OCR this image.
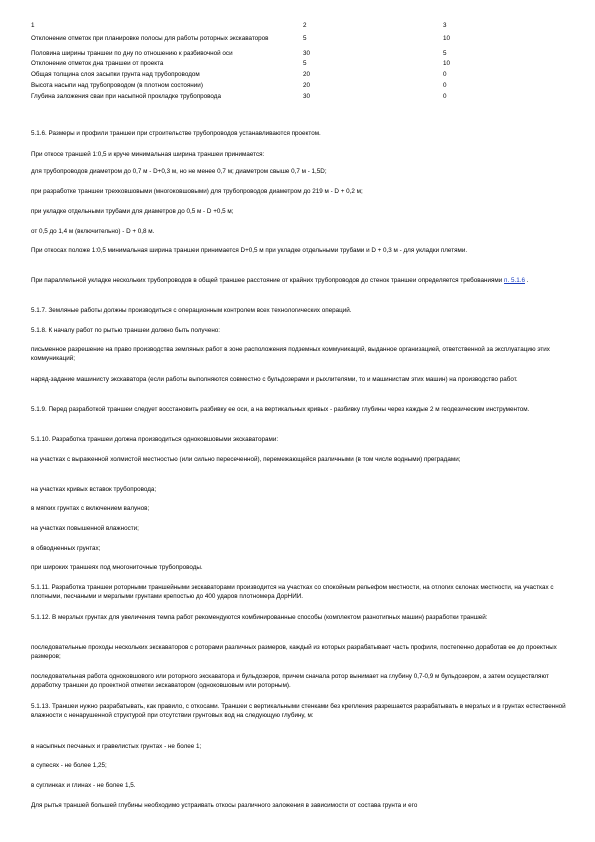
1	2	3
Отклонение отметок при планировке полосы для работы роторных экскаваторов	5	10
Половина ширины траншеи по дну по отношению к разбивочной оси	30	5
Отклонение отметок дна траншеи от проекта	5	10
Общая толщина слоя засыпки грунта над трубопроводом	20	0
Высота насыпи над трубопроводом (в плотном состоянии)	20	0
Глубина заложения сваи при насыпной прокладке трубопровода	30	0
5.1.6. Размеры и профили траншеи при строительстве трубопроводов устанавливаются проектом.
При откосе траншей 1:0,5 и круче минимальная ширина траншеи принимается:
для трубопроводов диаметром до 0,7 м - D+0,3 м, но не менее 0,7 м; диаметром свыше 0,7 м - 1,5D;
при разработке траншеи трехковшовыми (многоковшовыми) для трубопроводов диаметром до 219 м - D + 0,2 м;
при укладке отдельными трубами для диаметров до 0,5 м - D +0,5 м;
от 0,5 до 1,4 м (включительно) - D + 0,8 м.
При откосах положе 1:0,5 минимальная ширина траншеи принимается D+0,5 м при укладке отдельными трубами и D + 0,3 м - для укладки плетями.
При параллельной укладке нескольких трубопроводов в общей траншее расстояние от крайних трубопроводов до стенок траншеи определяется требованиями п. 5.1.6 .
5.1.7. Земляные работы должны производиться с операционным контролем всех технологических операций.
5.1.8. К началу работ по рытью траншеи должно быть получено:
письменное разрешение на право производства земляных работ в зоне расположения подземных коммуникаций, выданное организацией, ответственной за эксплуатацию этих коммуникаций;
наряд-задание машинисту экскаватора (если работы выполняются совместно с бульдозерами и рыхлителями, то и машинистам этих машин) на производство работ.
5.1.9. Перед разработкой траншеи следует восстановить разбивку ее оси, а на вертикальных кривых - разбивку глубины через каждые 2 м геодезическим инструментом.
5.1.10. Разработка траншеи должна производиться одноковшовыми экскаваторами:
на участках с выраженной холмистой местностью (или сильно пересеченной), перемежающейся различными (в том числе водными) преградами;
на участках кривых вставок трубопровода;
в мягких грунтах с включением валунов;
на участках повышенной влажности;
в обводненных грунтах;
при широких траншеях под многониточные трубопроводы.
5.1.11. Разработка траншеи роторными траншейными экскаваторами производится на участках со спокойным рельефом местности, на отлогих склонах местности, на участках с плотными, песчаными и мерзлыми грунтами крепостью до 400 ударов плотномера ДорНИИ.
5.1.12. В мерзлых грунтах для увеличения темпа работ рекомендуются комбинированные способы (комплектом разнотипных машин) разработки траншей:
последовательные проходы нескольких экскаваторов с роторами различных размеров, каждый из которых разрабатывает часть профиля, постепенно доработав ее до проектных размеров;
последовательная работа одноковшового или роторного экскаватора и бульдозеров, причем сначала ротор вынимает на глубину 0,7-0,9 м бульдозером, а затем осуществляют доработку траншеи до проектной отметки экскаватором (одноковшовым или роторным).
5.1.13. Траншеи нужно разрабатывать, как правило, с откосами. Траншеи с вертикальными стенками без крепления разрешается разрабатывать в мерзлых и в грунтах естественной влажности с ненарушенной структурой при отсутствии грунтовых вод на следующую глубину, м:
в насыпных песчаных и гравелистых грунтах - не более 1;
в супесях - не более 1,25;
в суглинках и глинах - не более 1,5.
Для рытья траншей большей глубины необходимо устраивать откосы различного заложения в зависимости от состава грунта и его
